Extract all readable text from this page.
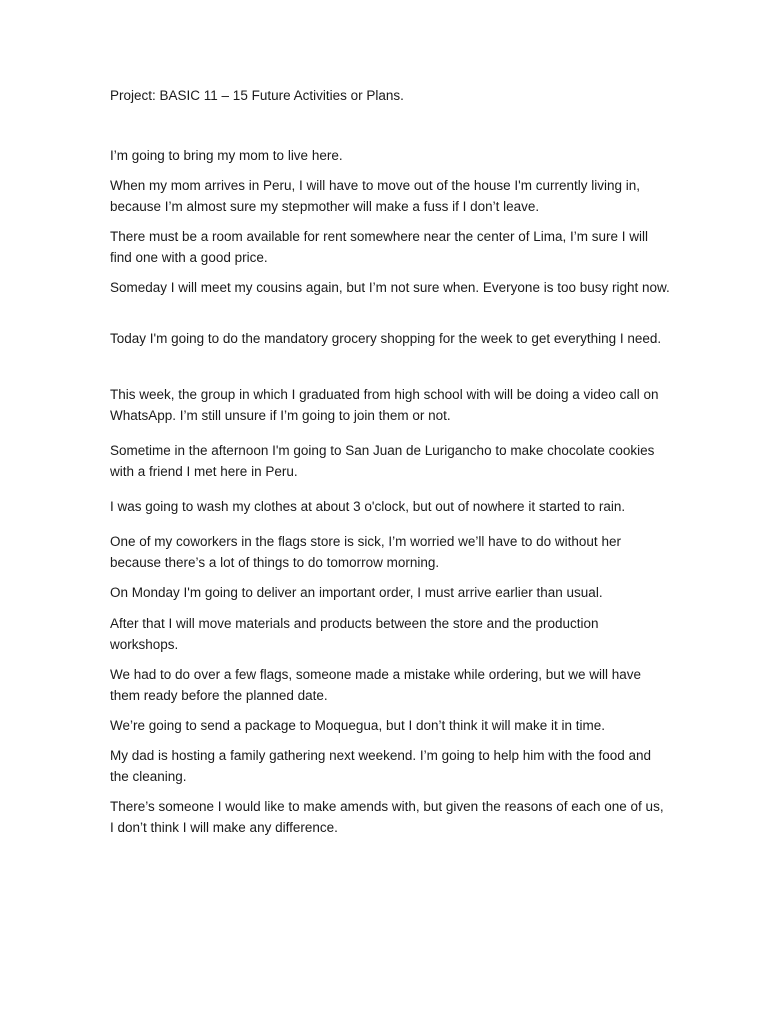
Project: BASIC 11 – 15 Future Activities or Plans.

I’m going to bring my mom to live here.

When my mom arrives in Peru, I will have to move out of the house I'm currently living in, because I’m almost sure my stepmother will make a fuss if I don’t leave.

There must be a room available for rent somewhere near the center of Lima, I’m sure I will find one with a good price.

Someday I will meet my cousins again, but I’m not sure when. Everyone is too busy right now.

Today I'm going to do the mandatory grocery shopping for the week to get everything I need.

This week, the group in which I graduated from high school with will be doing a video call on WhatsApp. I’m still unsure if I’m going to join them or not.

Sometime in the afternoon I'm going to San Juan de Lurigancho to make chocolate cookies with a friend I met here in Peru.

I was going to wash my clothes at about 3 o'clock, but out of nowhere it started to rain.

One of my coworkers in the flags store is sick, I’m worried we’ll have to do without her because there’s a lot of things to do tomorrow morning.

On Monday I'm going to deliver an important order, I must arrive earlier than usual.

After that I will move materials and products between the store and the production workshops.

We had to do over a few flags, someone made a mistake while ordering, but we will have them ready before the planned date.

We’re going to send a package to Moquegua, but I don’t think it will make it in time.

My dad is hosting a family gathering next weekend. I’m going to help him with the food and the cleaning.

There’s someone I would like to make amends with, but given the reasons of each one of us, I don’t think I will make any difference.
